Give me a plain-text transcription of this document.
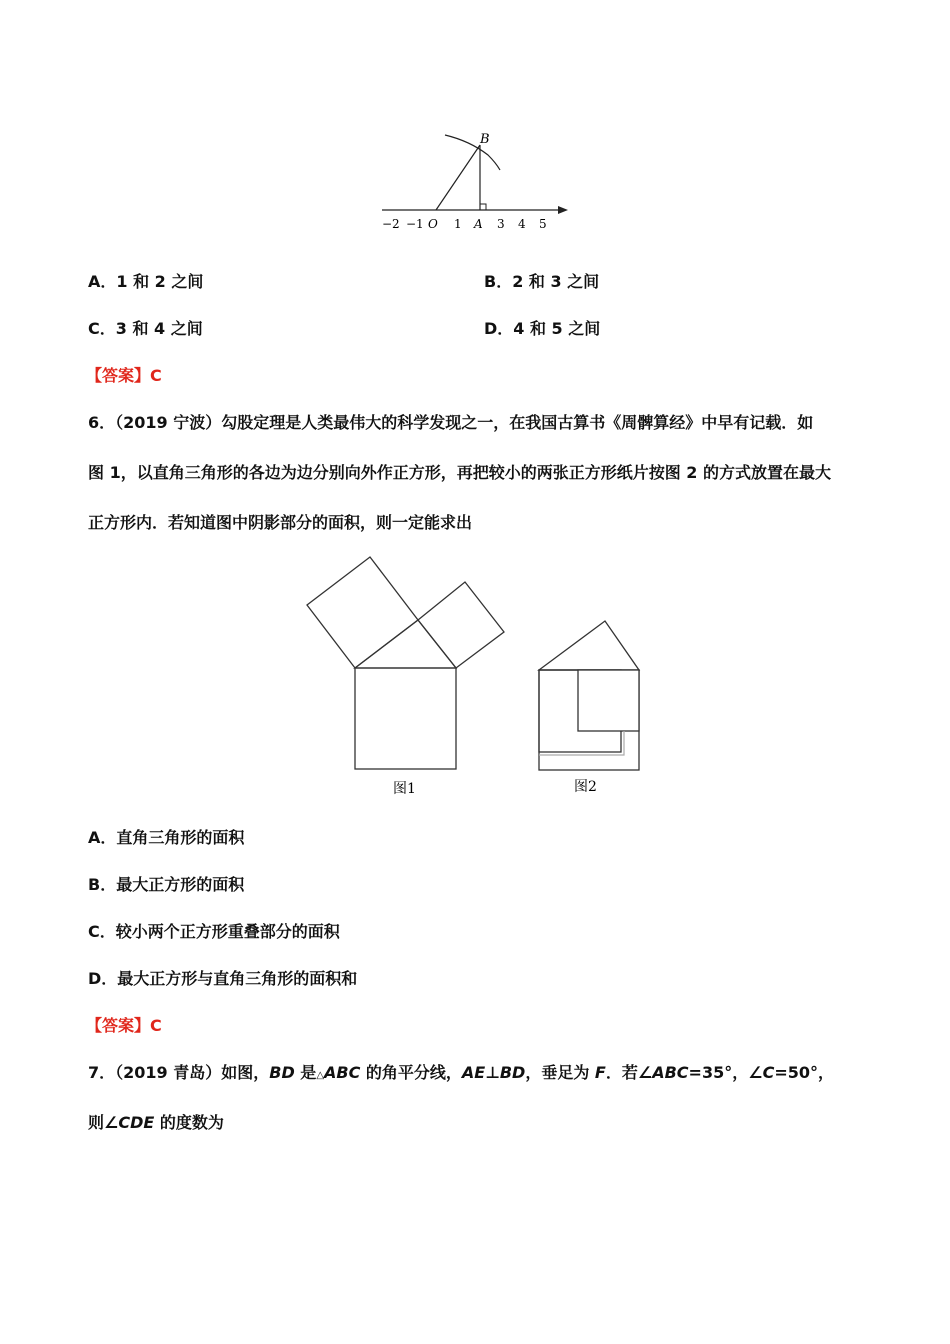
B
−2 −1 O 1 A 3 4 5
A．1 和 2 之间	B．2 和 3 之间
C．3 和 4 之间	D．4 和 5 之间
【答案】C
6．（2019 宁波）勾股定理是人类最伟大的科学发现之一，在我国古算书《周髀算经》中早有记载．如
图 1，以直角三角形的各边为边分别向外作正方形，再把较小的两张正方形纸片按图 2 的方式放置在最大
正方形内．若知道图中阴影部分的面积，则一定能求出
图1	图2
A．直角三角形的面积
B．最大正方形的面积
C．较小两个正方形重叠部分的面积
D．最大正方形与直角三角形的面积和
【答案】C
7．（2019 青岛）如图，BD 是△ABC 的角平分线，AE⊥BD，垂足为 F．若∠ABC=35°，∠C=50°，
则∠CDE 的度数为
